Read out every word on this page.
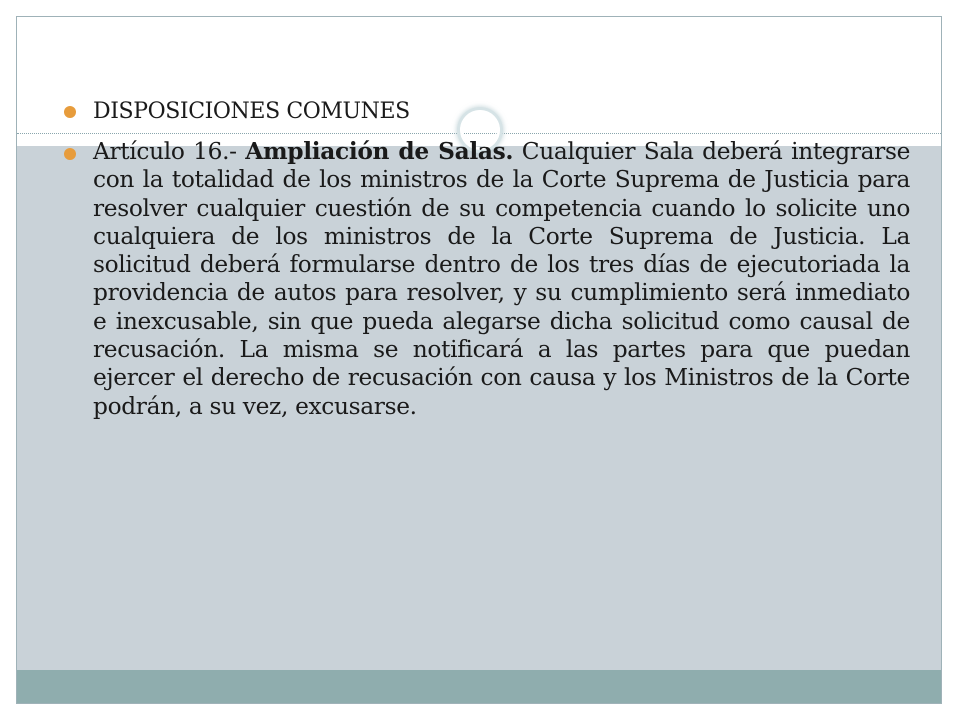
DISPOSICIONES COMUNES
Artículo 16.- Ampliación de Salas. Cualquier Sala deberá integrarse con la totalidad de los ministros de la Corte Suprema de Justicia para resolver cualquier cuestión de su competencia cuando lo solicite uno cualquiera de los ministros de la Corte Suprema de Justicia. La solicitud deberá formularse dentro de los tres días de ejecutoriada la providencia de autos para resolver, y su cumplimiento será inmediato e inexcusable, sin que pueda alegarse dicha solicitud como causal de recusación. La misma se notificará a las partes para que puedan ejercer el derecho de recusación con causa y los Ministros de la Corte podrán, a su vez, excusarse.
